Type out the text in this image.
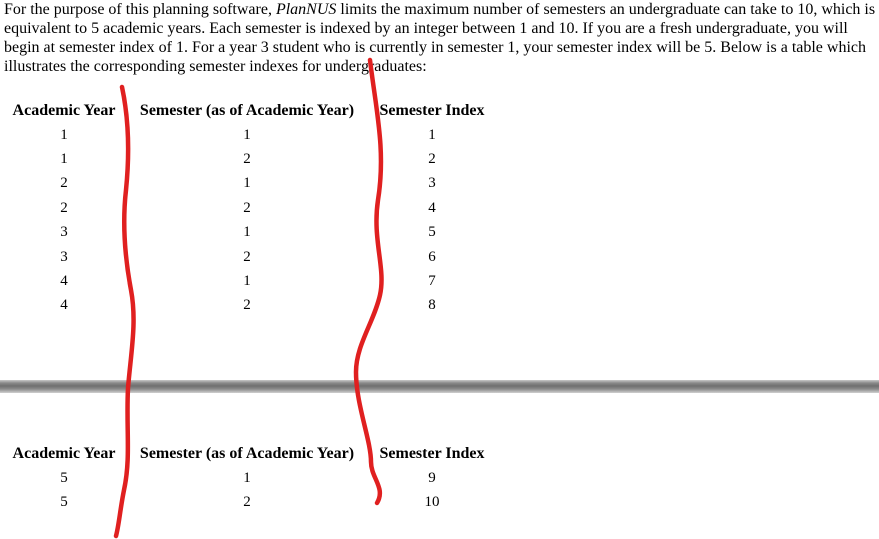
For the purpose of this planning software, PlanNUS limits the maximum number of semesters an undergraduate can take to 10, which is equivalent to 5 academic years. Each semester is indexed by an integer between 1 and 10. If you are a fresh undergraduate, you will begin at semester index of 1. For a year 3 student who is currently in semester 1, your semester index will be 5. Below is a table which illustrates the corresponding semester indexes for undergraduates:

Academic Year	Semester (as of Academic Year)	Semester Index
1	1	1
1	2	2
2	1	3
2	2	4
3	1	5
3	2	6
4	1	7
4	2	8
Academic Year	Semester (as of Academic Year)	Semester Index
5	1	9
5	2	10
